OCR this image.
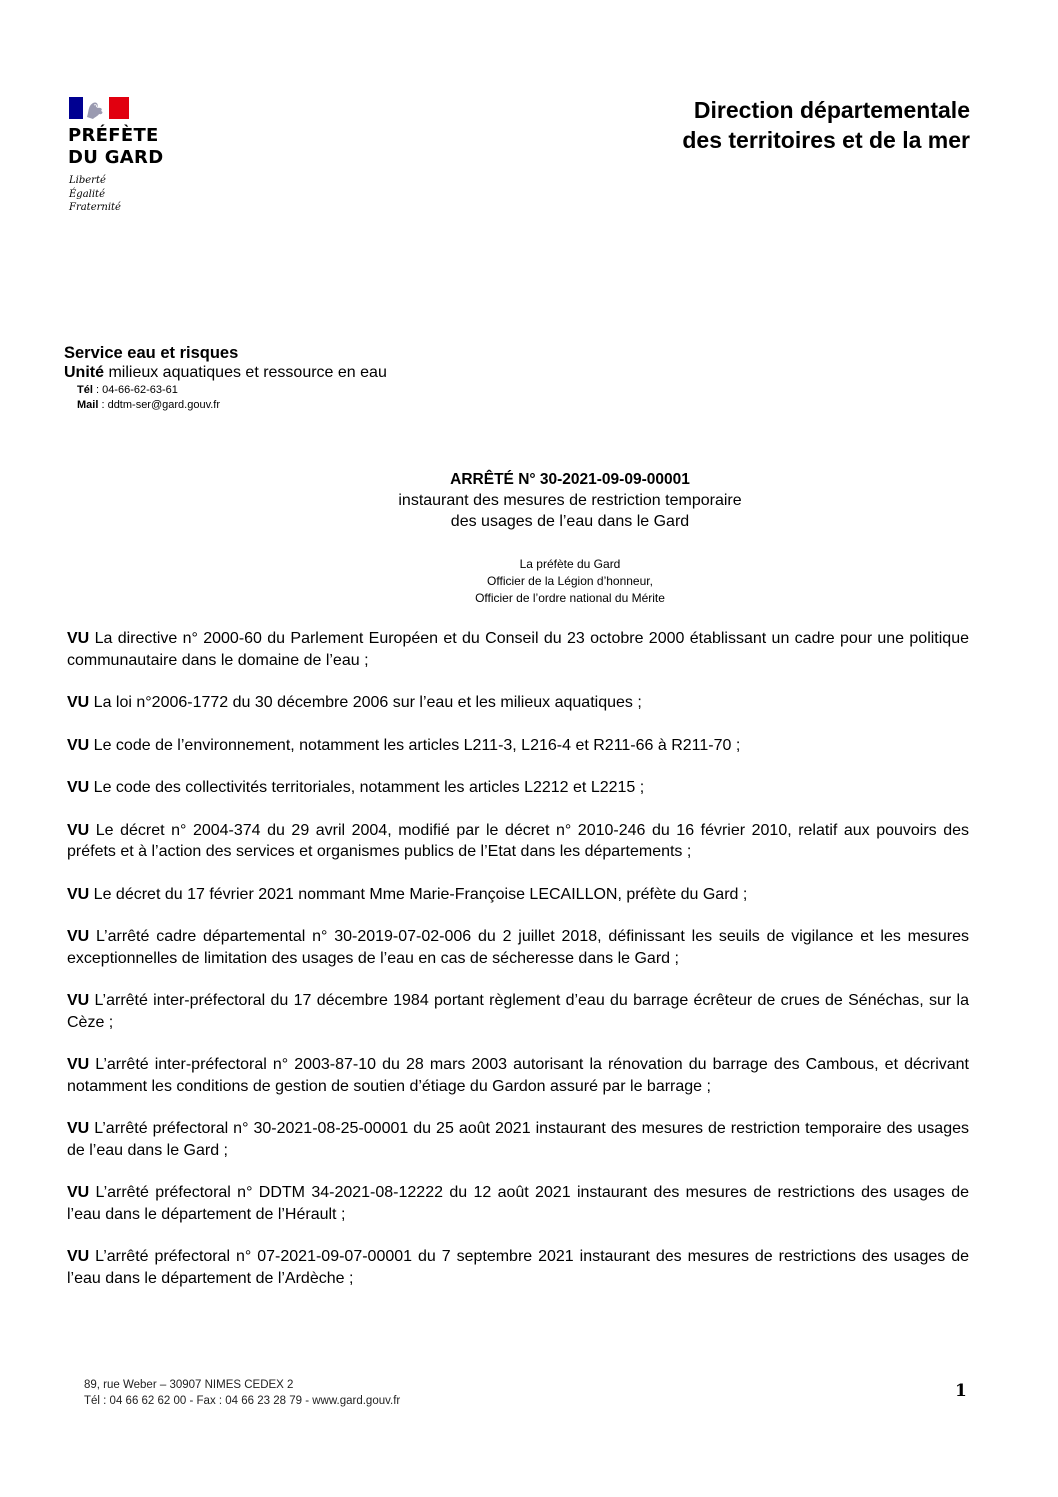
PRÉFÈTE
DU GARD
Liberté
Égalité
Fraternité
Direction départementale
des territoires et de la mer
Service eau et risques
Unité milieux aquatiques et ressource en eau
Tél : 04-66-62-63-61
Mail : ddtm-ser@gard.gouv.fr
ARRÊTÉ N° 30-2021-09-09-00001
instaurant des mesures de restriction temporaire
des usages de l’eau dans le Gard
La préfète du Gard
Officier de la Légion d’honneur,
Officier de l’ordre national du Mérite

VU La directive n° 2000-60 du Parlement Européen et du Conseil du 23 octobre 2000 établissant un cadre pour une politique communautaire dans le domaine de l’eau ;

VU La loi n°2006-1772 du 30 décembre 2006 sur l’eau et les milieux aquatiques ;

VU Le code de l’environnement, notamment les articles L211-3, L216-4 et R211-66 à R211-70 ;

VU Le code des collectivités territoriales, notamment les articles L2212 et L2215 ;

VU Le décret n° 2004-374 du 29 avril 2004, modifié par le décret n° 2010-246 du 16 février 2010, relatif aux pouvoirs des préfets et à l’action des services et organismes publics de l’Etat dans les départements ;

VU Le décret du 17 février 2021 nommant Mme Marie-Françoise LECAILLON, préfète du Gard ;

VU L’arrêté cadre départemental n° 30-2019-07-02-006 du 2 juillet 2018, définissant les seuils de vigilance et les mesures exceptionnelles de limitation des usages de l’eau en cas de sécheresse dans le Gard ;

VU L’arrêté inter-préfectoral du 17 décembre 1984 portant règlement d’eau du barrage écrêteur de crues de Sénéchas, sur la Cèze ;

VU L’arrêté inter-préfectoral n° 2003-87-10 du 28 mars 2003 autorisant la rénovation du barrage des Cambous, et décrivant notamment les conditions de gestion de soutien d’étiage du Gardon assuré par le barrage ;

VU L’arrêté préfectoral n° 30-2021-08-25-00001 du 25 août 2021 instaurant des mesures de restriction temporaire des usages de l’eau dans le Gard ;

VU L’arrêté préfectoral n° DDTM 34-2021-08-12222 du 12 août 2021 instaurant des mesures de restrictions des usages de l’eau dans le département de l’Hérault ;

VU L’arrêté préfectoral n° 07-2021-09-07-00001 du 7 septembre 2021 instaurant des mesures de restrictions des usages de l’eau dans le département de l’Ardèche ;

89, rue Weber – 30907 NIMES CEDEX 2
Tél : 04 66 62 62 00 - Fax : 04 66 23 28 79 - www.gard.gouv.fr	1
